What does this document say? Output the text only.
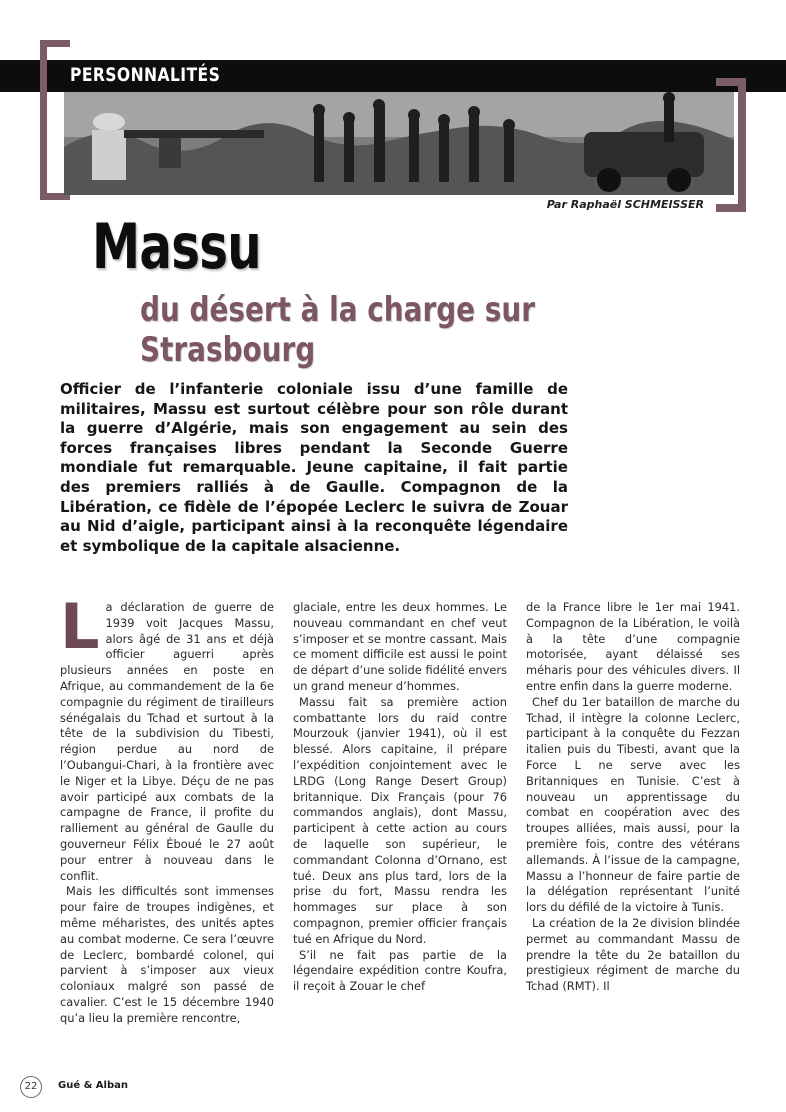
PERSONNALITÉS
Par Raphaël SCHMEISSER
Massu
du désert à la charge sur Strasbourg
Officier de l’infanterie coloniale issu d’une famille de militaires, Massu est surtout célèbre pour son rôle durant la guerre d’Algérie, mais son engagement au sein des forces françaises libres pendant la Seconde Guerre mondiale fut remarquable. Jeune capitaine, il fait partie des premiers ralliés à de Gaulle. Compagnon de la Libération, ce fidèle de l’épopée Leclerc le suivra de Zouar au Nid d’aigle, participant ainsi à la reconquête légendaire et symbolique de la capitale alsacienne.
L a déclaration de guerre de 1939 voit Jacques Massu, alors âgé de 31 ans et déjà officier aguerri après plusieurs années en poste en Afrique, au commandement de la 6e compagnie du régiment de tirailleurs sénégalais du Tchad et surtout à la tête de la subdivision du Tibesti, région perdue au nord de l’Oubangui-Chari, à la frontière avec le Niger et la Libye. Déçu de ne pas avoir participé aux combats de la campagne de France, il profite du ralliement au général de Gaulle du gouverneur Félix Éboué le 27 août pour entrer à nouveau dans le conflit.

Mais les difficultés sont immenses pour faire de troupes indigènes, et même méharistes, des unités aptes au combat moderne. Ce sera l’œuvre de Leclerc, bombardé colonel, qui parvient à s’imposer aux vieux coloniaux malgré son passé de cavalier. C’est le 15 décembre 1940 qu’a lieu la première rencontre,

glaciale, entre les deux hommes. Le nouveau commandant en chef veut s’imposer et se montre cassant. Mais ce moment difficile est aussi le point de départ d’une solide fidélité envers un grand meneur d’hommes.

Massu fait sa première action combattante lors du raid contre Mourzouk (janvier 1941), où il est blessé. Alors capitaine, il prépare l’expédition conjointement avec le LRDG (Long Range Desert Group) britannique. Dix Français (pour 76 commandos anglais), dont Massu, participent à cette action au cours de laquelle son supérieur, le commandant Colonna d’Ornano, est tué. Deux ans plus tard, lors de la prise du fort, Massu rendra les hommages sur place à son compagnon, premier officier français tué en Afrique du Nord.

S’il ne fait pas partie de la légendaire expédition contre Koufra, il reçoit à Zouar le chef

de la France libre le 1er mai 1941. Compagnon de la Libération, le voilà à la tête d’une compagnie motorisée, ayant délaissé ses méharis pour des véhicules divers. Il entre enfin dans la guerre moderne.

Chef du 1er bataillon de marche du Tchad, il intègre la colonne Leclerc, participant à la conquête du Fezzan italien puis du Tibesti, avant que la Force L ne serve avec les Britanniques en Tunisie. C’est à nouveau un apprentissage du combat en coopération avec des troupes alliées, mais aussi, pour la première fois, contre des vétérans allemands. À l’issue de la campagne, Massu a l’honneur de faire partie de la délégation représentant l’unité lors du défilé de la victoire à Tunis.

La création de la 2e division blindée permet au commandant Massu de prendre la tête du 2e bataillon du prestigieux régiment de marche du Tchad (RMT). Il

22	Gué & Alban
